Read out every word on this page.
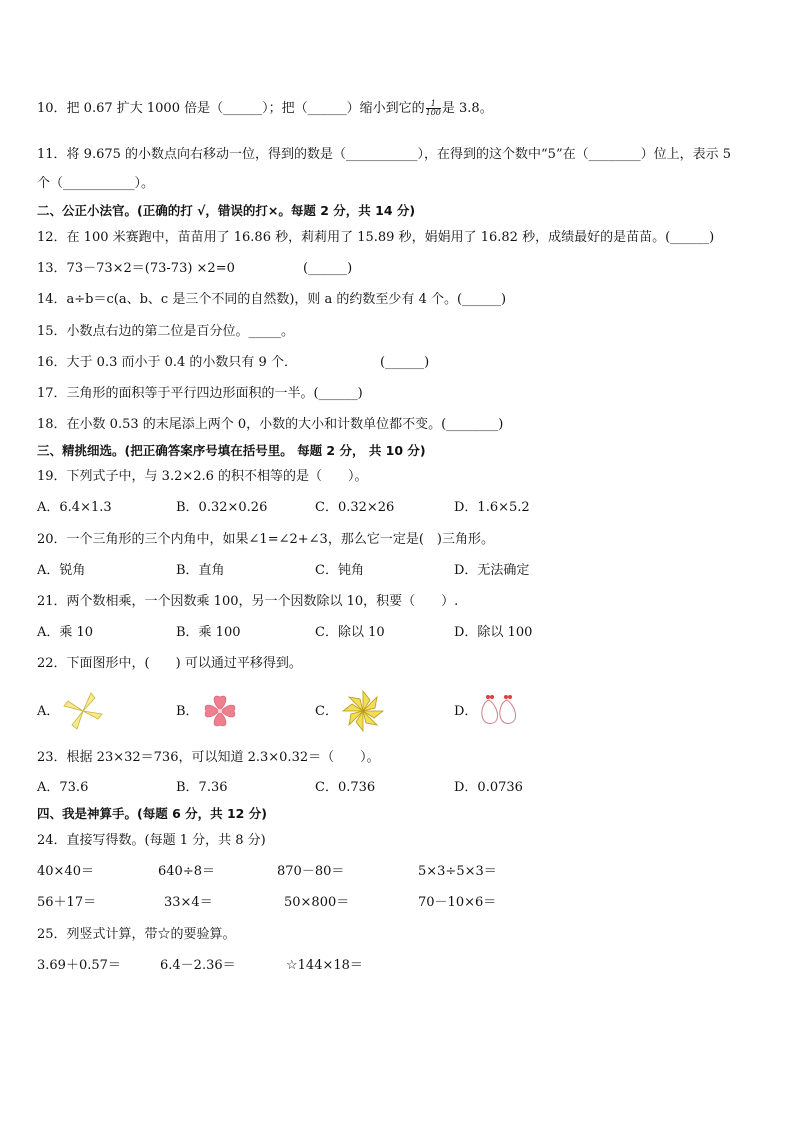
10．把 0.67 扩大 1000 倍是（______）；把（______）缩小到它的 $\frac{1}{100}$ 是 3.8。
11．将 9.675 的小数点向右移动一位，得到的数是（___________），在得到的这个数中“5”在（________）位上，表示 5
个（___________）。
二、公正小法官。(正确的打 √，错误的打×。每题 2 分，共 14 分)
12．在 100 米赛跑中，苗苗用了 16.86 秒，莉莉用了 15.89 秒，娟娟用了 16.82 秒，成绩最好的是苗苗。(______)
13．73－73×2＝(73-73) ×2=0	(______)
14．a÷b＝c(a、b、c 是三个不同的自然数)，则 a 的约数至少有 4 个。(______)
15．小数点右边的第二位是百分位。_____。
16．大于 0.3 而小于 0.4 的小数只有 9 个．	(______)
17．三角形的面积等于平行四边形面积的一半。(______)
18．在小数 0.53 的末尾添上两个 0，小数的大小和计数单位都不变。(________)
三、精挑细选。(把正确答案序号填在括号里。 每题 2 分， 共 10 分)
19．下列式子中，与 3.2×2.6 的积不相等的是（　　）。
A．6.4×1.3	B．0.32×0.26	C．0.32×26	D．1.6×5.2
20．一个三角形的三个内角中，如果∠1=∠2+∠3，那么它一定是(　)三角形。
A．锐角	B．直角	C．钝角	D．无法确定
21．两个数相乘，一个因数乘 100，另一个因数除以 10，积要（　　）.
A．乘 10	B．乘 100	C．除以 10	D．除以 100
22．下面图形中，(　　) 可以通过平移得到。
A．	B．	C．	D．
23．根据 23×32＝736，可以知道 2.3×0.32＝（　　）。
A．73.6	B．7.36	C．0.736	D．0.0736
四、我是神算手。(每题 6 分，共 12 分)
24．直接写得数。(每题 1 分，共 8 分)
40×40＝	640÷8＝	870－80＝	5×3÷5×3＝
56＋17＝	33×4＝	50×800＝	70－10×6＝
25．列竖式计算，带☆的要验算。
3.69＋0.57＝	6.4－2.36＝	☆144×18＝
